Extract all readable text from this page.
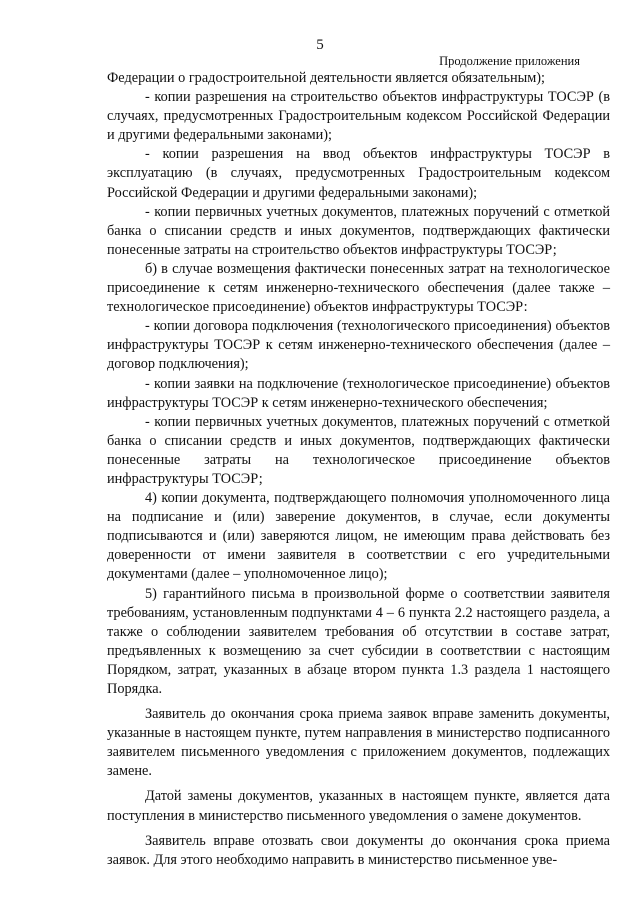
5
Продолжение приложения

Федерации о градостроительной деятельности является обязательным);

- копии разрешения на строительство объектов инфраструктуры ТОСЭР (в случаях, предусмотренных Градостроительным кодексом Российской Федерации и другими федеральными законами);

- копии разрешения на ввод объектов инфраструктуры ТОСЭР в эксплуатацию (в случаях, предусмотренных Градостроительным кодексом Российской Федерации и другими федеральными законами);

- копии первичных учетных документов, платежных поручений с отметкой банка о списании средств и иных документов, подтверждающих фактически понесенные затраты на строительство объектов инфраструктуры ТОСЭР;

б) в случае возмещения фактически понесенных затрат на технологическое присоединение к сетям инженерно-технического обеспечения (далее также – технологическое присоединение) объектов инфраструктуры ТОСЭР:

- копии договора подключения (технологического присоединения) объектов инфраструктуры ТОСЭР к сетям инженерно-технического обеспечения (далее – договор подключения);

- копии заявки на подключение (технологическое присоединение) объектов инфраструктуры ТОСЭР к сетям инженерно-технического обеспечения;

- копии первичных учетных документов, платежных поручений с отметкой банка о списании средств и иных документов, подтверждающих фактически понесенные затраты на технологическое присоединение объектов инфраструктуры ТОСЭР;

4) копии документа, подтверждающего полномочия уполномоченного лица на подписание и (или) заверение документов, в случае, если документы подписываются и (или) заверяются лицом, не имеющим права действовать без доверенности от имени заявителя в соответствии с его учредительными документами (далее – уполномоченное лицо);

5) гарантийного письма в произвольной форме о соответствии заявителя требованиям, установленным подпунктами 4 – 6 пункта 2.2 настоящего раздела, а также о соблюдении заявителем требования об отсутствии в составе затрат, предъявленных к возмещению за счет субсидии в соответствии с настоящим Порядком, затрат, указанных в абзаце втором пункта 1.3 раздела 1 настоящего Порядка.

Заявитель до окончания срока приема заявок вправе заменить документы, указанные в настоящем пункте, путем направления в министерство подписанного заявителем письменного уведомления с приложением документов, подлежащих замене.

Датой замены документов, указанных в настоящем пункте, является дата поступления в министерство письменного уведомления о замене документов.

Заявитель вправе отозвать свои документы до окончания срока приема заявок. Для этого необходимо направить в министерство письменное уве-
